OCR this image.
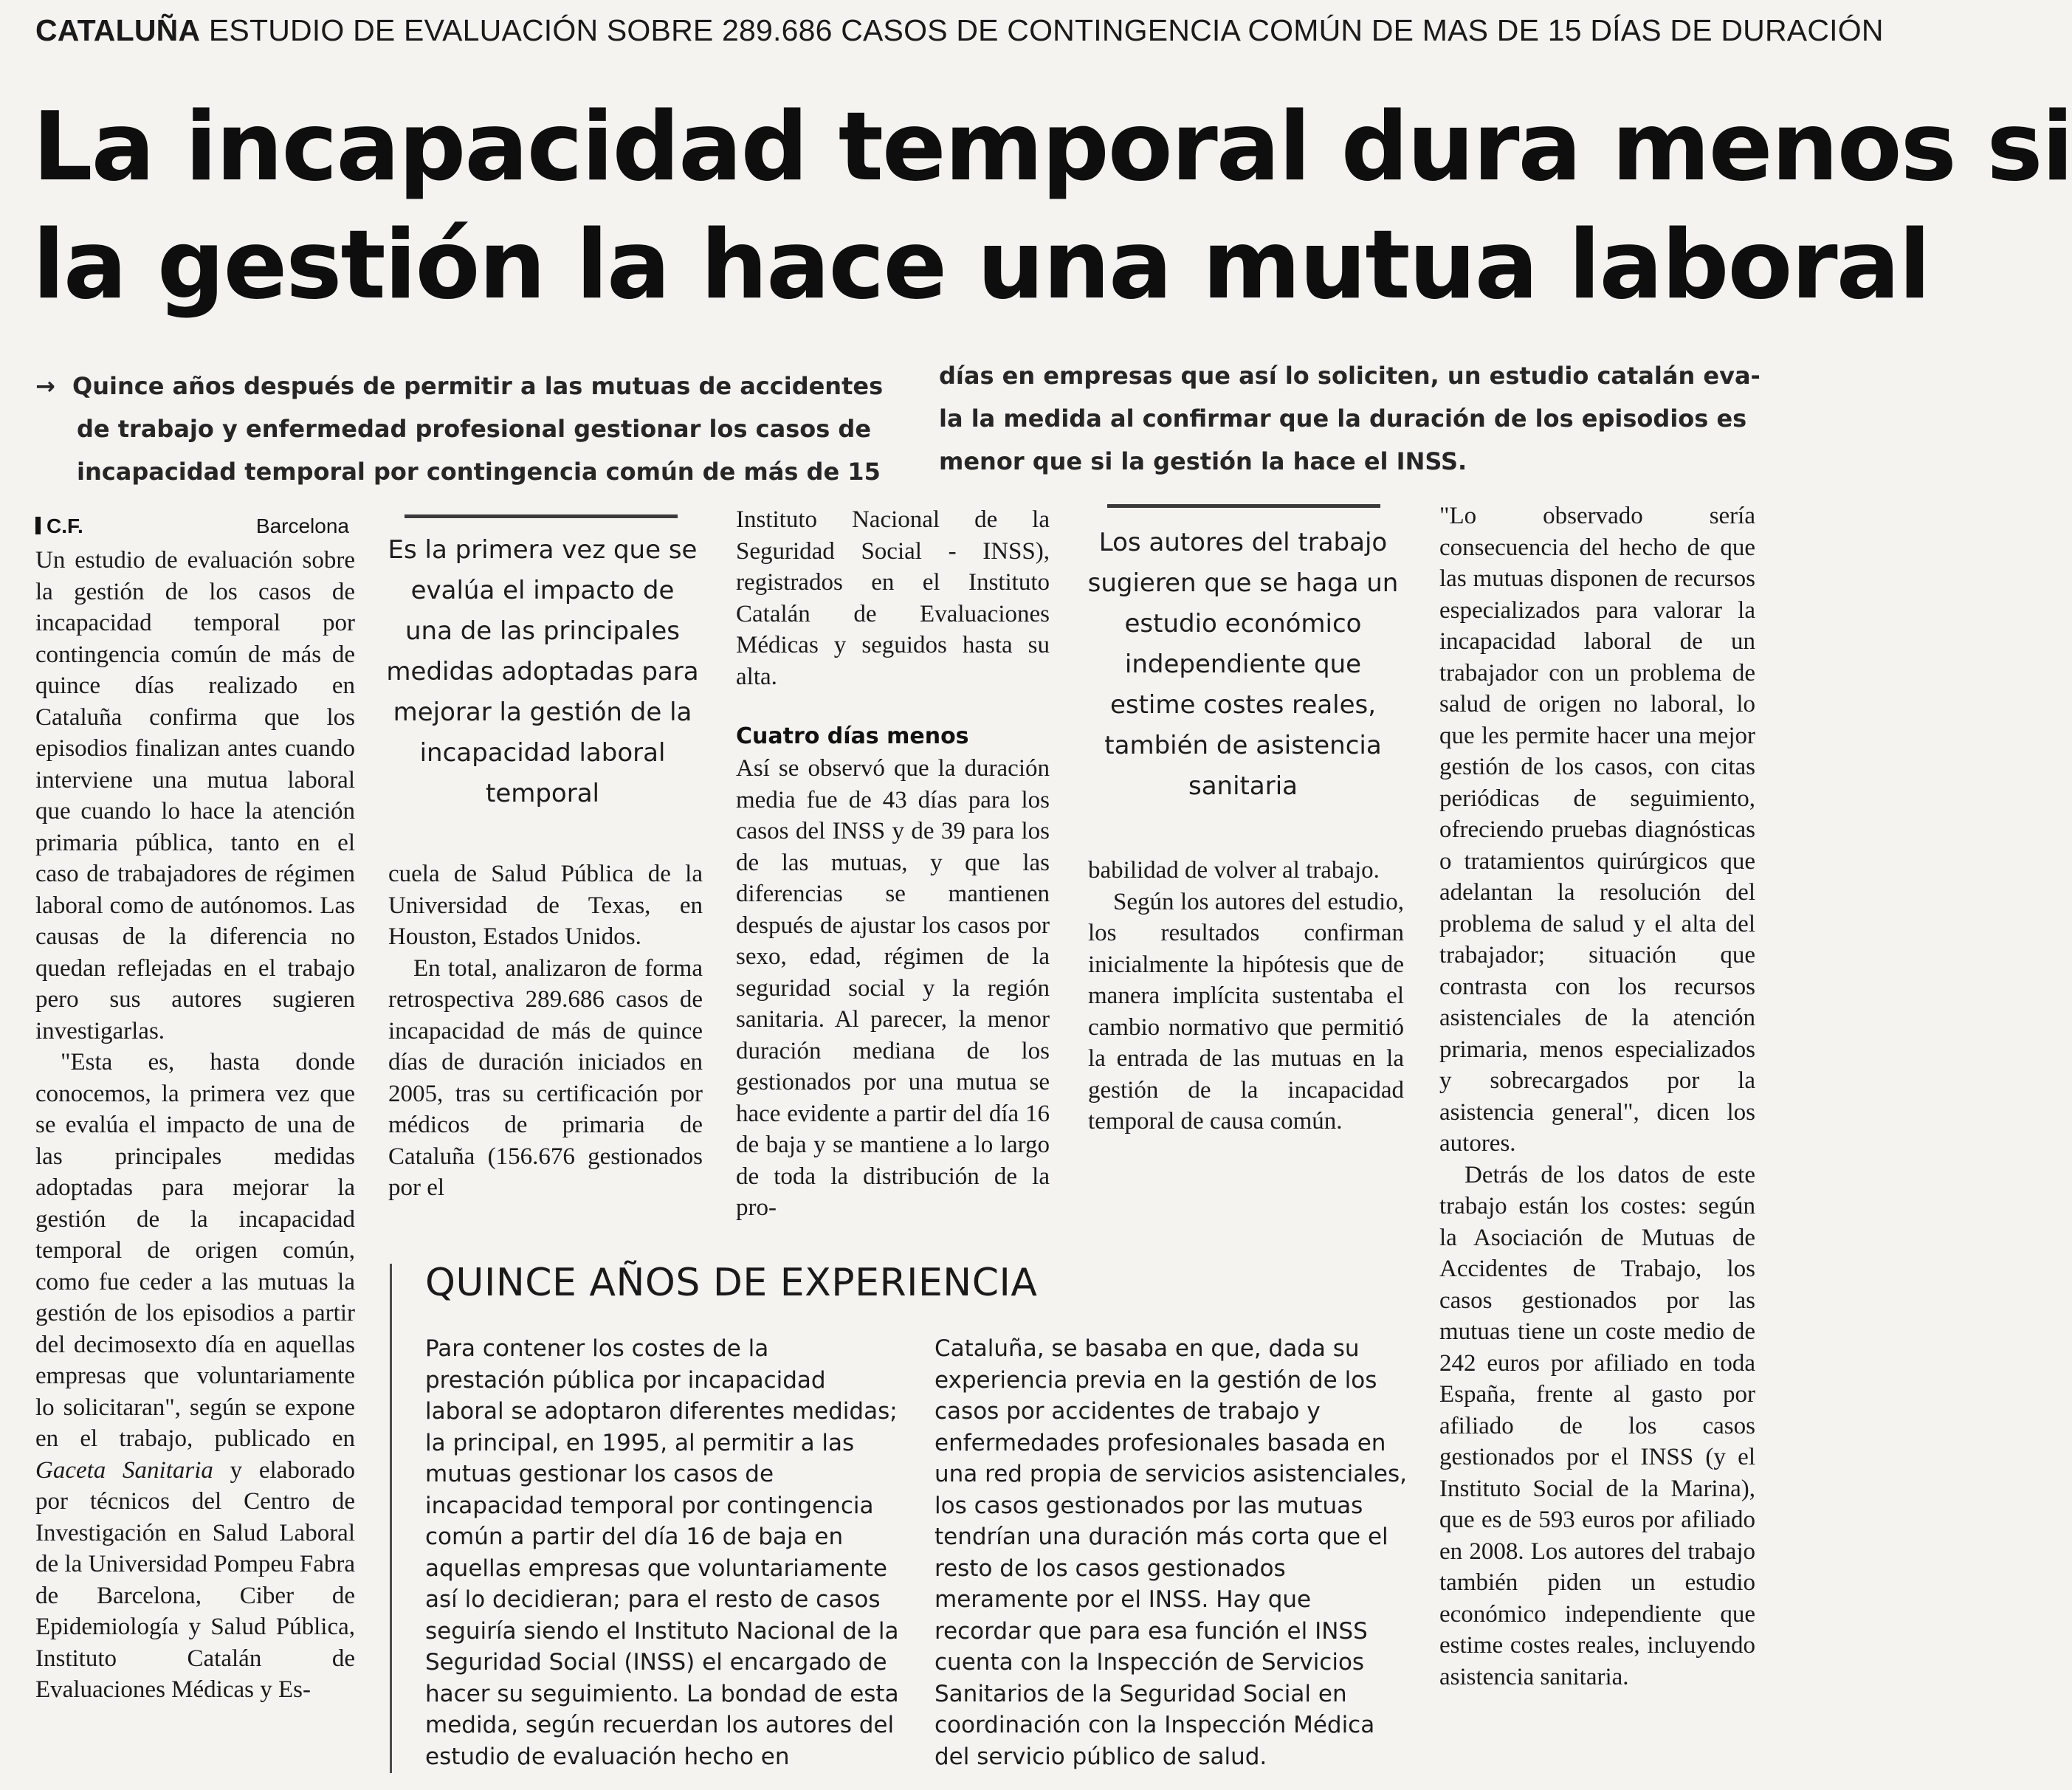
CATALUÑA ESTUDIO DE EVALUACIÓN SOBRE 289.686 CASOS DE CONTINGENCIA COMÚN DE MAS DE 15 DÍAS DE DURACIÓN
La incapacidad temporal dura menos si
la gestión la hace una mutua laboral
→ Quince años después de permitir a las mutuas de accidentes
de trabajo y enfermedad profesional gestionar los casos de
incapacidad temporal por contingencia común de más de 15
días en empresas que así lo soliciten, un estudio catalán eva-
la la medida al confirmar que la duración de los episodios es
menor que si la gestión la hace el INSS.
C.F.	Barcelona

Un estudio de evaluación sobre la gestión de los casos de incapacidad temporal por contingencia común de más de quince días realizado en Cataluña confirma que los episodios finalizan antes cuando interviene una mutua laboral que cuando lo hace la atención primaria pública, tanto en el caso de trabajadores de régimen laboral como de autónomos. Las causas de la diferencia no quedan reflejadas en el trabajo pero sus autores sugieren investigarlas.

"Esta es, hasta donde conocemos, la primera vez que se evalúa el impacto de una de las principales medidas adoptadas para mejorar la gestión de la incapacidad temporal de origen común, como fue ceder a las mutuas la gestión de los episodios a partir del decimosexto día en aquellas empresas que voluntariamente lo solicitaran", según se expone en el trabajo, publicado en Gaceta Sanitaria y elaborado por técnicos del Centro de Investigación en Salud Laboral de la Universidad Pompeu Fabra de Barcelona, Ciber de Epidemiología y Salud Pública, Instituto Catalán de Evaluaciones Médicas y Es-

Es la primera vez que se evalúa el impacto de una de las principales medidas adoptadas para mejorar la gestión de la incapacidad laboral temporal

cuela de Salud Pública de la Universidad de Texas, en Houston, Estados Unidos.

En total, analizaron de forma retrospectiva 289.686 casos de incapacidad de más de quince días de duración iniciados en 2005, tras su certificación por médicos de primaria de Cataluña (156.676 gestionados por el

Instituto Nacional de la Seguridad Social - INSS), registrados en el Instituto Catalán de Evaluaciones Médicas y seguidos hasta su alta.

Cuatro días menos

Así se observó que la duración media fue de 43 días para los casos del INSS y de 39 para los de las mutuas, y que las diferencias se mantienen después de ajustar los casos por sexo, edad, régimen de la seguridad social y la región sanitaria. Al parecer, la menor duración mediana de los gestionados por una mutua se hace evidente a partir del día 16 de baja y se mantiene a lo largo de toda la distribución de la pro-

Los autores del trabajo sugieren que se haga un estudio económico independiente que estime costes reales, también de asistencia sanitaria

babilidad de volver al trabajo.

Según los autores del estudio, los resultados confirman inicialmente la hipótesis que de manera implícita sustentaba el cambio normativo que permitió la entrada de las mutuas en la gestión de la incapacidad temporal de causa común.

"Lo observado sería consecuencia del hecho de que las mutuas disponen de recursos especializados para valorar la incapacidad laboral de un trabajador con un problema de salud de origen no laboral, lo que les permite hacer una mejor gestión de los casos, con citas periódicas de seguimiento, ofreciendo pruebas diagnósticas o tratamientos quirúrgicos que adelantan la resolución del problema de salud y el alta del trabajador; situación que contrasta con los recursos asistenciales de la atención primaria, menos especializados y sobrecargados por la asistencia general", dicen los autores.

Detrás de los datos de este trabajo están los costes: según la Asociación de Mutuas de Accidentes de Trabajo, los casos gestionados por las mutuas tiene un coste medio de 242 euros por afiliado en toda España, frente al gasto por afiliado de los casos gestionados por el INSS (y el Instituto Social de la Marina), que es de 593 euros por afiliado en 2008. Los autores del trabajo también piden un estudio económico independiente que estime costes reales, incluyendo asistencia sanitaria.

QUINCE AÑOS DE EXPERIENCIA
Para contener los costes de la
prestación pública por incapacidad
laboral se adoptaron diferentes medidas;
la principal, en 1995, al permitir a las
mutuas gestionar los casos de
incapacidad temporal por contingencia
común a partir del día 16 de baja en
aquellas empresas que voluntariamente
así lo decidieran; para el resto de casos
seguiría siendo el Instituto Nacional de la
Seguridad Social (INSS) el encargado de
hacer su seguimiento. La bondad de esta
medida, según recuerdan los autores del
estudio de evaluación hecho en
Cataluña, se basaba en que, dada su
experiencia previa en la gestión de los
casos por accidentes de trabajo y
enfermedades profesionales basada en
una red propia de servicios asistenciales,
los casos gestionados por las mutuas
tendrían una duración más corta que el
resto de los casos gestionados
meramente por el INSS. Hay que
recordar que para esa función el INSS
cuenta con la Inspección de Servicios
Sanitarios de la Seguridad Social en
coordinación con la Inspección Médica
del servicio público de salud.
